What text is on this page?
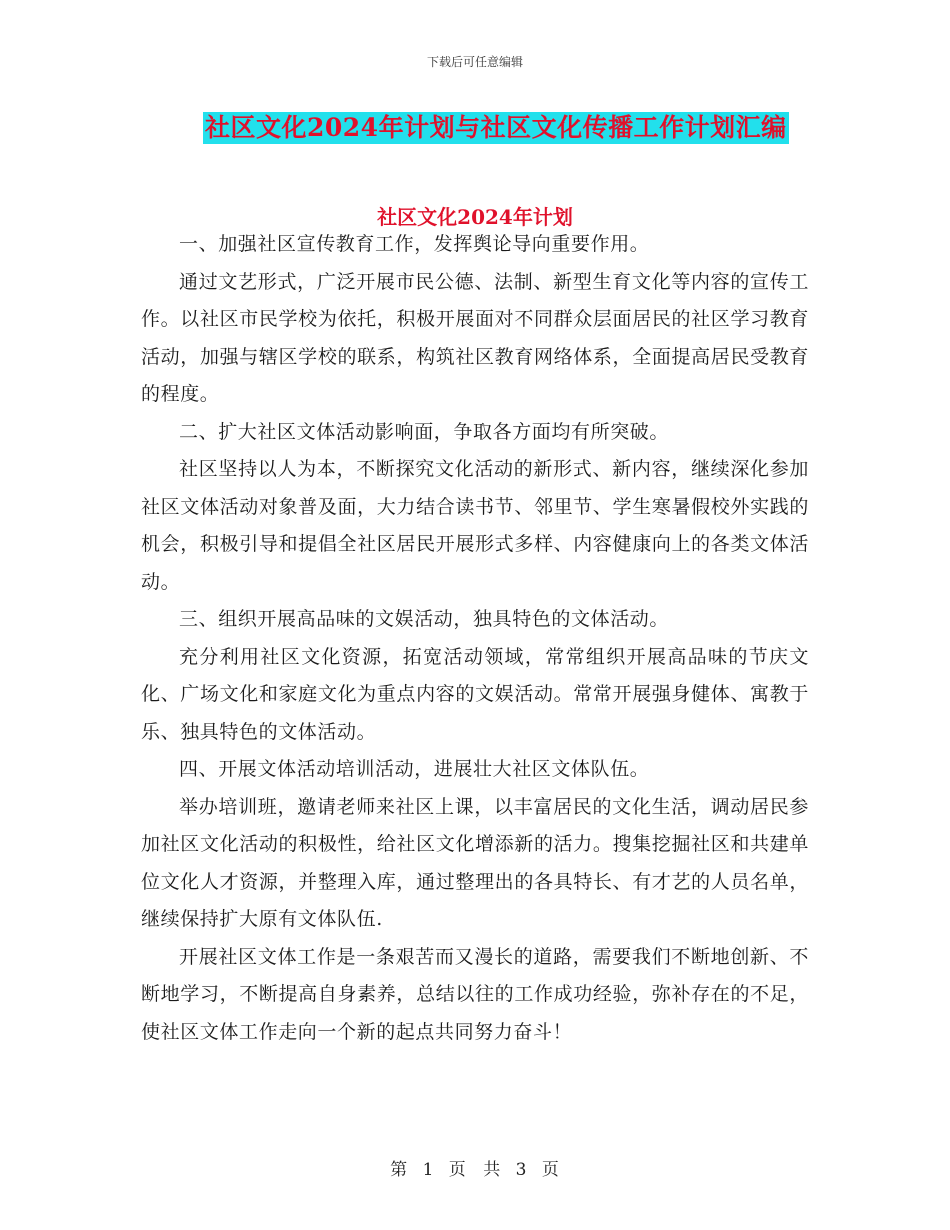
下载后可任意编辑
社区文化2024年计划与社区文化传播工作计划汇编
社区文化2024年计划

一、加强社区宣传教育工作，发挥舆论导向重要作用。

通过文艺形式，广泛开展市民公德、法制、新型生育文化等内容的宣传工作。以社区市民学校为依托，积极开展面对不同群众层面居民的社区学习教育活动，加强与辖区学校的联系，构筑社区教育网络体系，全面提高居民受教育的程度。

二、扩大社区文体活动影响面，争取各方面均有所突破。

社区坚持以人为本，不断探究文化活动的新形式、新内容，继续深化参加社区文体活动对象普及面，大力结合读书节、邻里节、学生寒暑假校外实践的机会，积极引导和提倡全社区居民开展形式多样、内容健康向上的各类文体活动。

三、组织开展高品味的文娱活动，独具特色的文体活动。

充分利用社区文化资源，拓宽活动领域，常常组织开展高品味的节庆文化、广场文化和家庭文化为重点内容的文娱活动。常常开展强身健体、寓教于乐、独具特色的文体活动。

四、开展文体活动培训活动，进展壮大社区文体队伍。

举办培训班，邀请老师来社区上课，以丰富居民的文化生活，调动居民参加社区文化活动的积极性，给社区文化增添新的活力。搜集挖掘社区和共建单位文化人才资源，并整理入库，通过整理出的各具特长、有才艺的人员名单，继续保持扩大原有文体队伍.

开展社区文体工作是一条艰苦而又漫长的道路，需要我们不断地创新、不断地学习，不断提高自身素养，总结以往的工作成功经验，弥补存在的不足，使社区文体工作走向一个新的起点共同努力奋斗！

第 1 页 共 3 页
